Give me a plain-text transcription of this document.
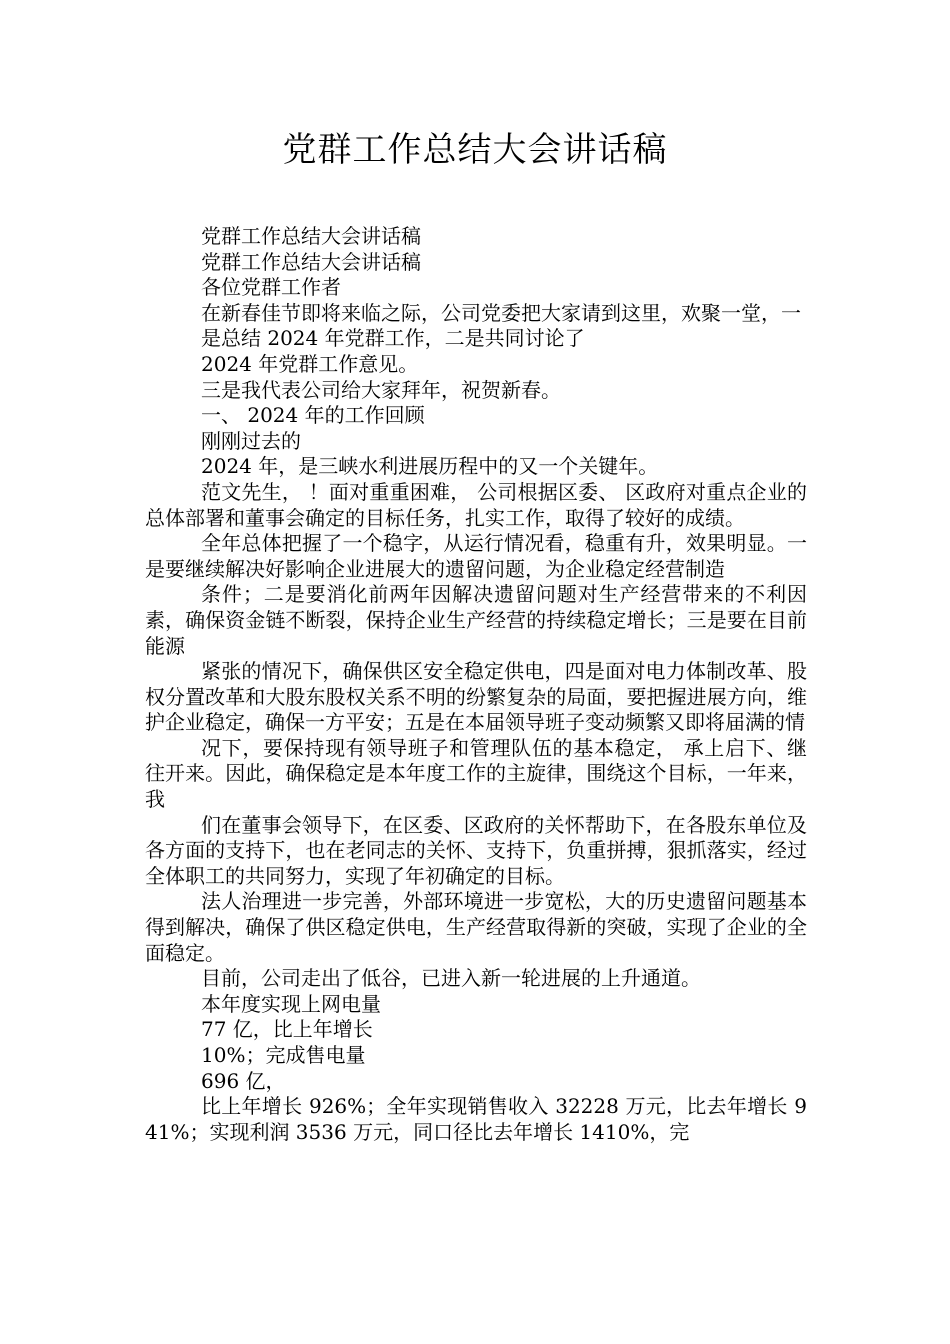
党群工作总结大会讲话稿

党群工作总结大会讲话稿

党群工作总结大会讲话稿

各位党群工作者

在新春佳节即将来临之际，公司党委把大家请到这里，欢聚一堂，一

是总结 2024 年党群工作，二是共同讨论了

2024 年党群工作意见。

三是我代表公司给大家拜年，祝贺新春。

一、 2024 年的工作回顾

刚刚过去的

2024 年，是三峡水利进展历程中的又一个关键年。

范文先生， ！面对重重困难， 公司根据区委、 区政府对重点企业的总体部署和董事会确定的目标任务，扎实工作，取得了较好的成绩。

全年总体把握了一个稳字，从运行情况看，稳重有升，效果明显。一是要继续解决好影响企业进展大的遗留问题，为企业稳定经营制造

条件；二是要消化前两年因解决遗留问题对生产经营带来的不利因素，确保资金链不断裂，保持企业生产经营的持续稳定增长；三是要在目前能源

紧张的情况下，确保供区安全稳定供电，四是面对电力体制改革、股权分置改革和大股东股权关系不明的纷繁复杂的局面，要把握进展方向，维护企业稳定，确保一方平安；五是在本届领导班子变动频繁又即将届满的情

况下，要保持现有领导班子和管理队伍的基本稳定， 承上启下、继往开来。因此，确保稳定是本年度工作的主旋律，围绕这个目标，一年来，我

们在董事会领导下，在区委、区政府的关怀帮助下，在各股东单位及各方面的支持下，也在老同志的关怀、支持下，负重拼搏，狠抓落实，经过全体职工的共同努力，实现了年初确定的目标。

法人治理进一步完善，外部环境进一步宽松，大的历史遗留问题基本得到解决，确保了供区稳定供电，生产经营取得新的突破，实现了企业的全面稳定。

目前，公司走出了低谷，已进入新一轮进展的上升通道。

本年度实现上网电量

77 亿，比上年增长

10%；完成售电量

696 亿，

比上年增长 926%；全年实现销售收入 32228 万元，比去年增长 941%；实现利润 3536 万元，同口径比去年增长 1410%，完
